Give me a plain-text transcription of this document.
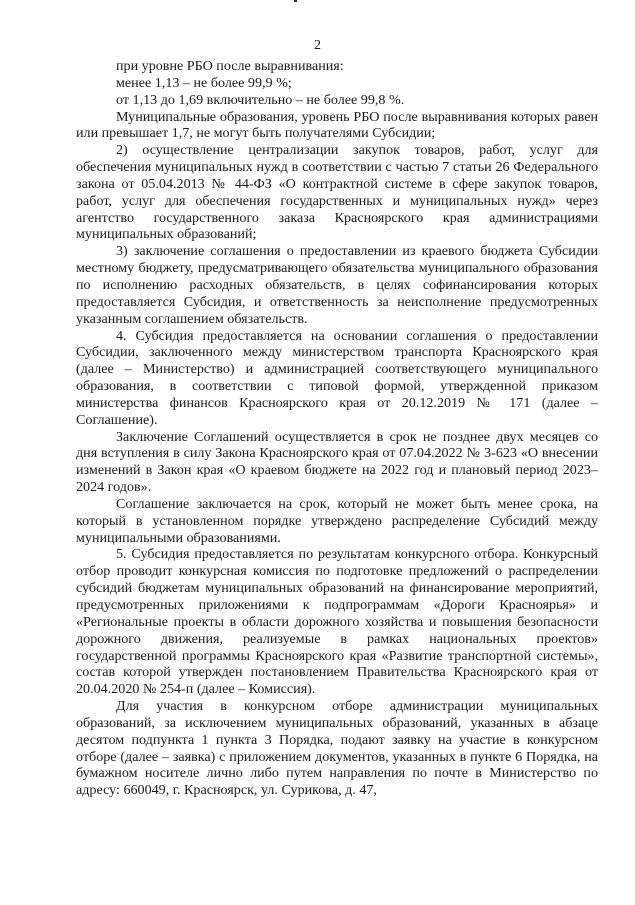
2

при уровне РБО после выравнивания:

менее 1,13 – не более 99,9 %;

от 1,13 до 1,69 включительно – не более 99,8 %.

Муниципальные образования, уровень РБО после выравнивания которых равен или превышает 1,7, не могут быть получателями Субсидии;

2) осуществление централизации закупок товаров, работ, услуг для обеспечения муниципальных нужд в соответствии с частью 7 статьи 26 Федерального закона от 05.04.2013 № 44-ФЗ «О контрактной системе в сфере закупок товаров, работ, услуг для обеспечения государственных и муниципальных нужд» через агентство государственного заказа Красноярского края администрациями муниципальных образований;

3) заключение соглашения о предоставлении из краевого бюджета Субсидии местному бюджету, предусматривающего обязательства муниципального образования по исполнению расходных обязательств, в целях софинансирования которых предоставляется Субсидия, и ответственность за неисполнение предусмотренных указанным соглашением обязательств.

4. Субсидия предоставляется на основании соглашения о предоставлении Субсидии, заключенного между министерством транспорта Красноярского края (далее – Министерство) и администрацией соответствующего муниципального образования, в соответствии с типовой формой, утвержденной приказом министерства финансов Красноярского края от 20.12.2019 № 171 (далее – Соглашение).

Заключение Соглашений осуществляется в срок не позднее двух месяцев со дня вступления в силу Закона Красноярского края от 07.04.2022 № 3-623 «О внесении изменений в Закон края «О краевом бюджете на 2022 год и плановый период 2023–2024 годов».

Соглашение заключается на срок, который не может быть менее срока, на который в установленном порядке утверждено распределение Субсидий между муниципальными образованиями.

5. Субсидия предоставляется по результатам конкурсного отбора. Конкурсный отбор проводит конкурсная комиссия по подготовке предложений о распределении субсидий бюджетам муниципальных образований на финансирование мероприятий, предусмотренных приложениями к подпрограммам «Дороги Красноярья» и «Региональные проекты в области дорожного хозяйства и повышения безопасности дорожного движения, реализуемые в рамках национальных проектов» государственной программы Красноярского края «Развитие транспортной системы», состав которой утвержден постановлением Правительства Красноярского края от 20.04.2020 № 254-п (далее – Комиссия).

Для участия в конкурсном отборе администрации муниципальных образований, за исключением муниципальных образований, указанных в абзаце десятом подпункта 1 пункта 3 Порядка, подают заявку на участие в конкурсном отборе (далее – заявка) с приложением документов, указанных в пункте 6 Порядка, на бумажном носителе лично либо путем направления по почте в Министерство по адресу: 660049, г. Красноярск, ул. Сурикова, д. 47,
